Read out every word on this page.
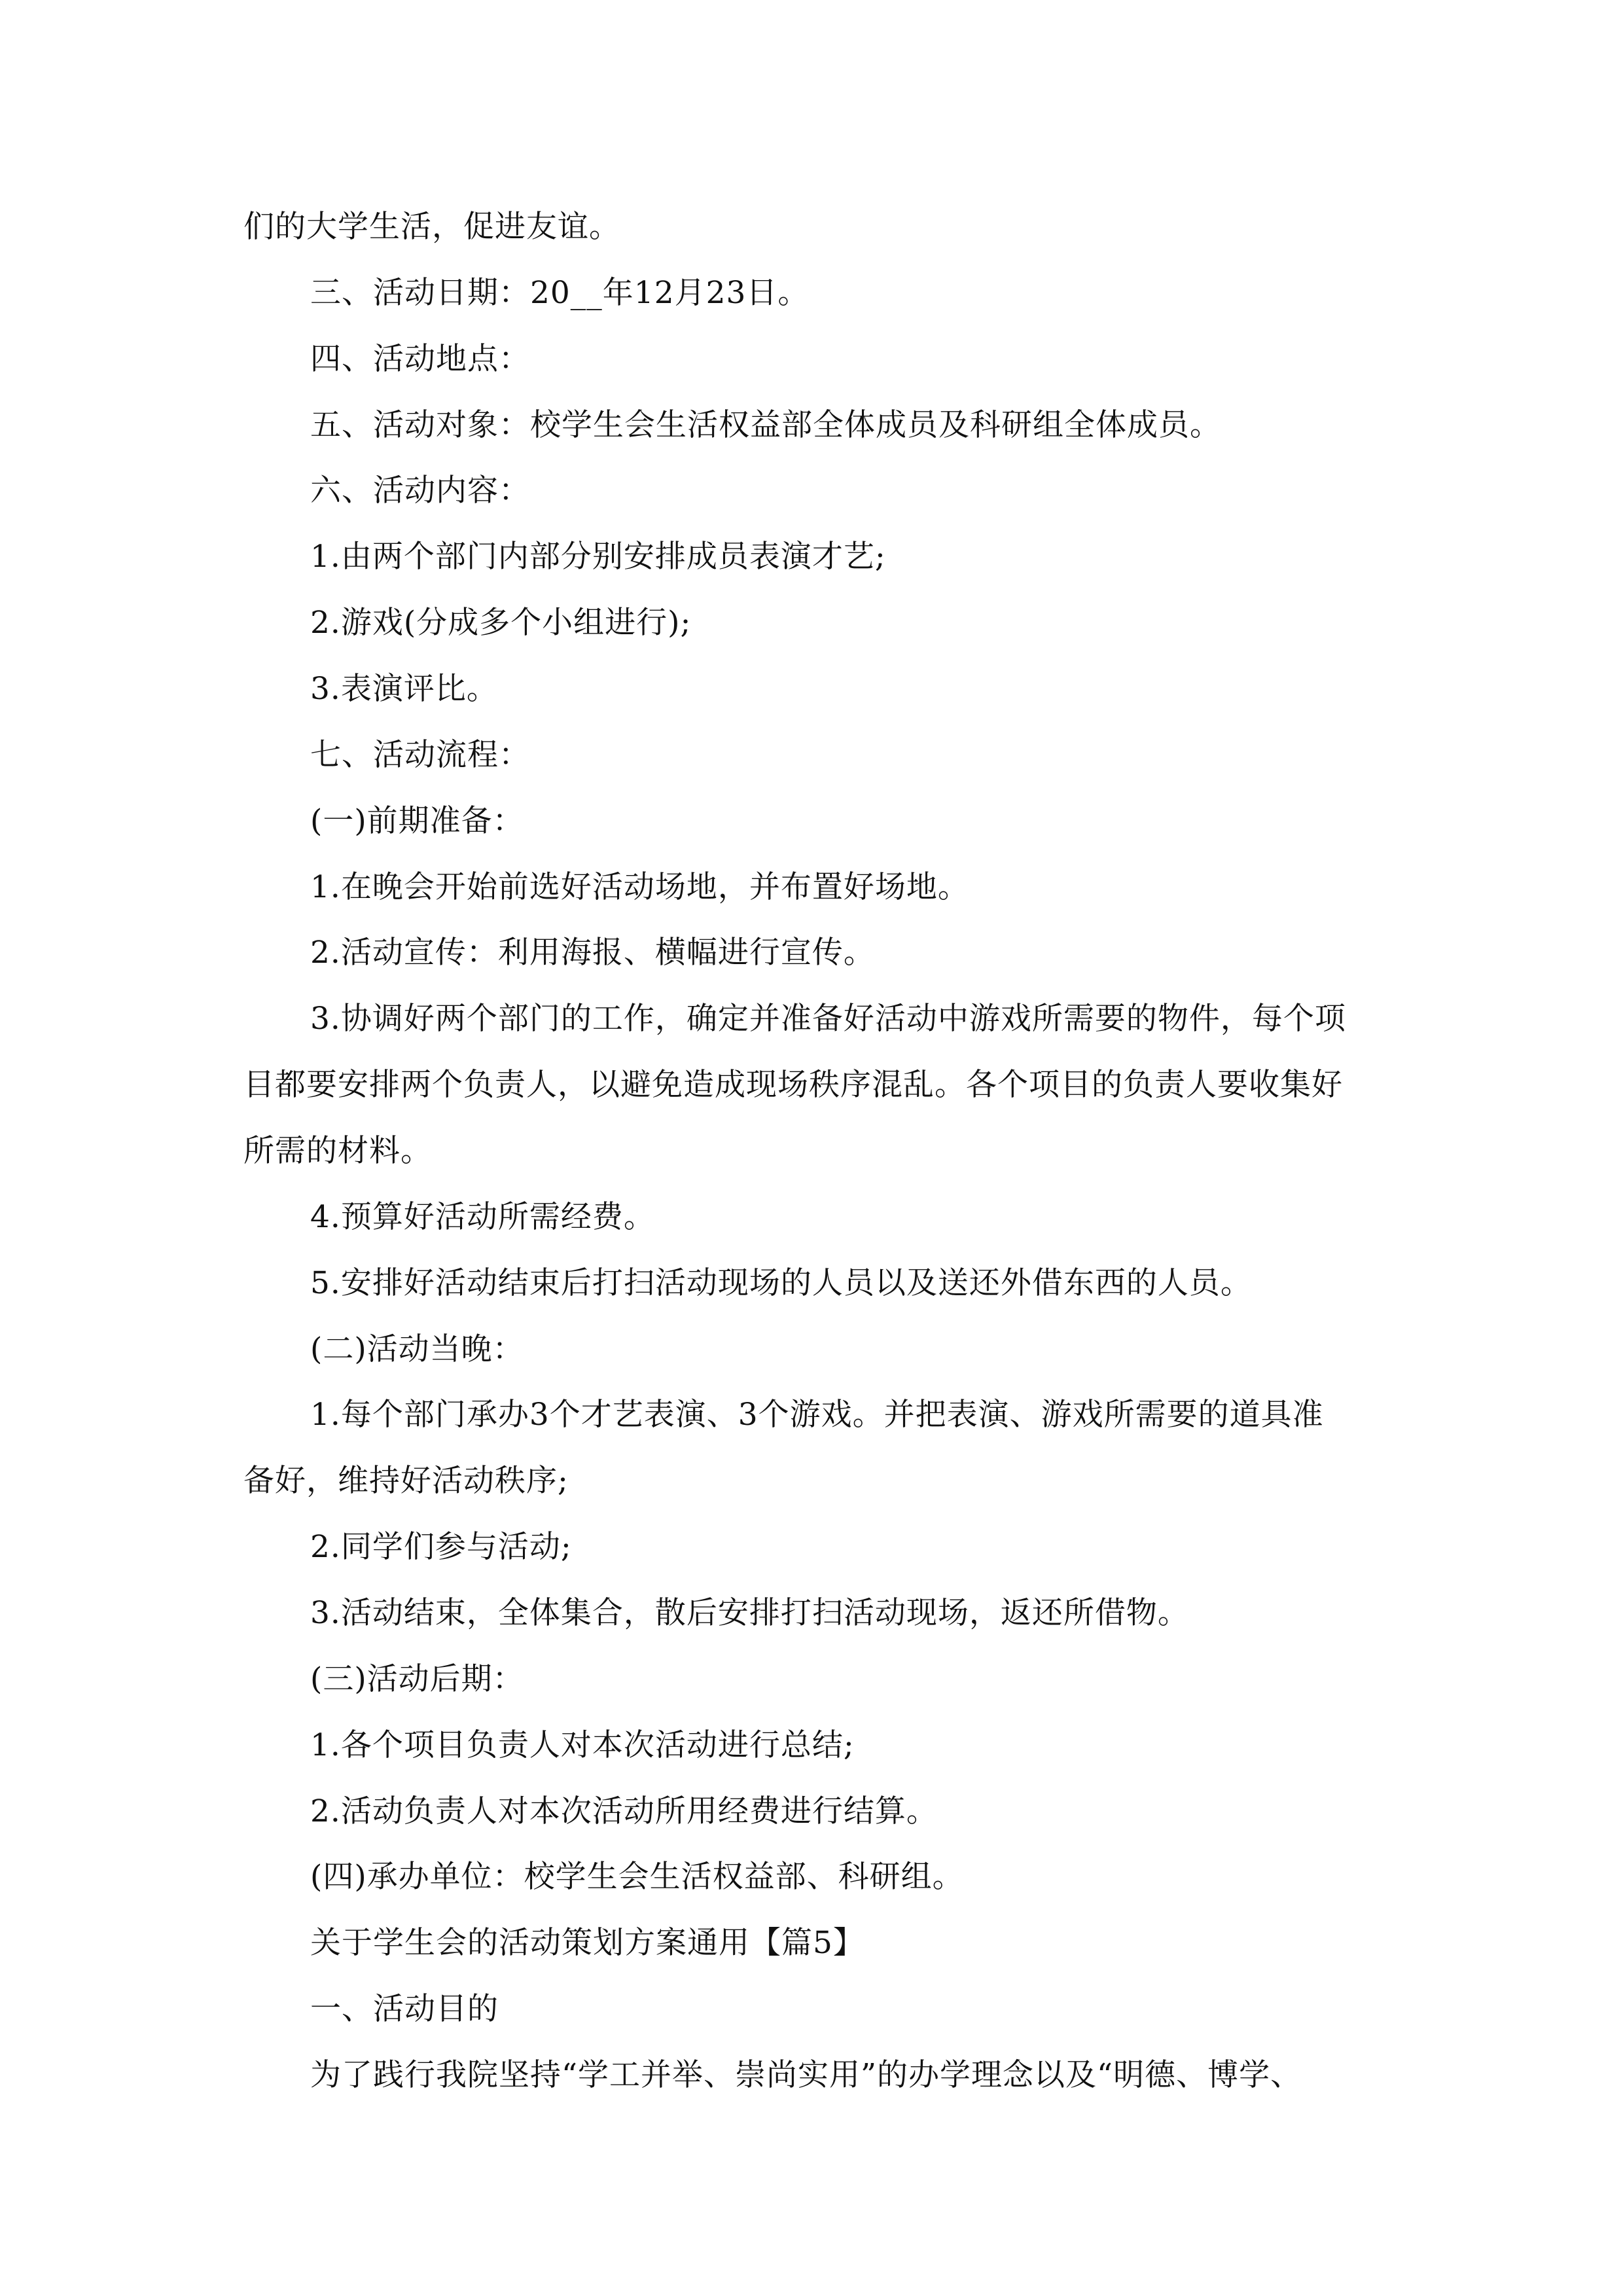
们的大学生活，促进友谊。
三、活动日期：20__年12月23日。
四、活动地点：
五、活动对象：校学生会生活权益部全体成员及科研组全体成员。
六、活动内容：
1.由两个部门内部分别安排成员表演才艺;
2.游戏(分成多个小组进行);
3.表演评比。
七、活动流程：
(一)前期准备：
1.在晚会开始前选好活动场地，并布置好场地。
2.活动宣传：利用海报、横幅进行宣传。
3.协调好两个部门的工作，确定并准备好活动中游戏所需要的物件，每个项
目都要安排两个负责人，以避免造成现场秩序混乱。各个项目的负责人要收集好
所需的材料。
4.预算好活动所需经费。
5.安排好活动结束后打扫活动现场的人员以及送还外借东西的人员。
(二)活动当晚：
1.每个部门承办3个才艺表演、3个游戏。并把表演、游戏所需要的道具准
备好，维持好活动秩序;
2.同学们参与活动;
3.活动结束，全体集合，散后安排打扫活动现场，返还所借物。
(三)活动后期：
1.各个项目负责人对本次活动进行总结;
2.活动负责人对本次活动所用经费进行结算。
(四)承办单位：校学生会生活权益部、科研组。
关于学生会的活动策划方案通用【篇5】
一、活动目的
为了践行我院坚持“学工并举、崇尚实用”的办学理念以及“明德、博学、
